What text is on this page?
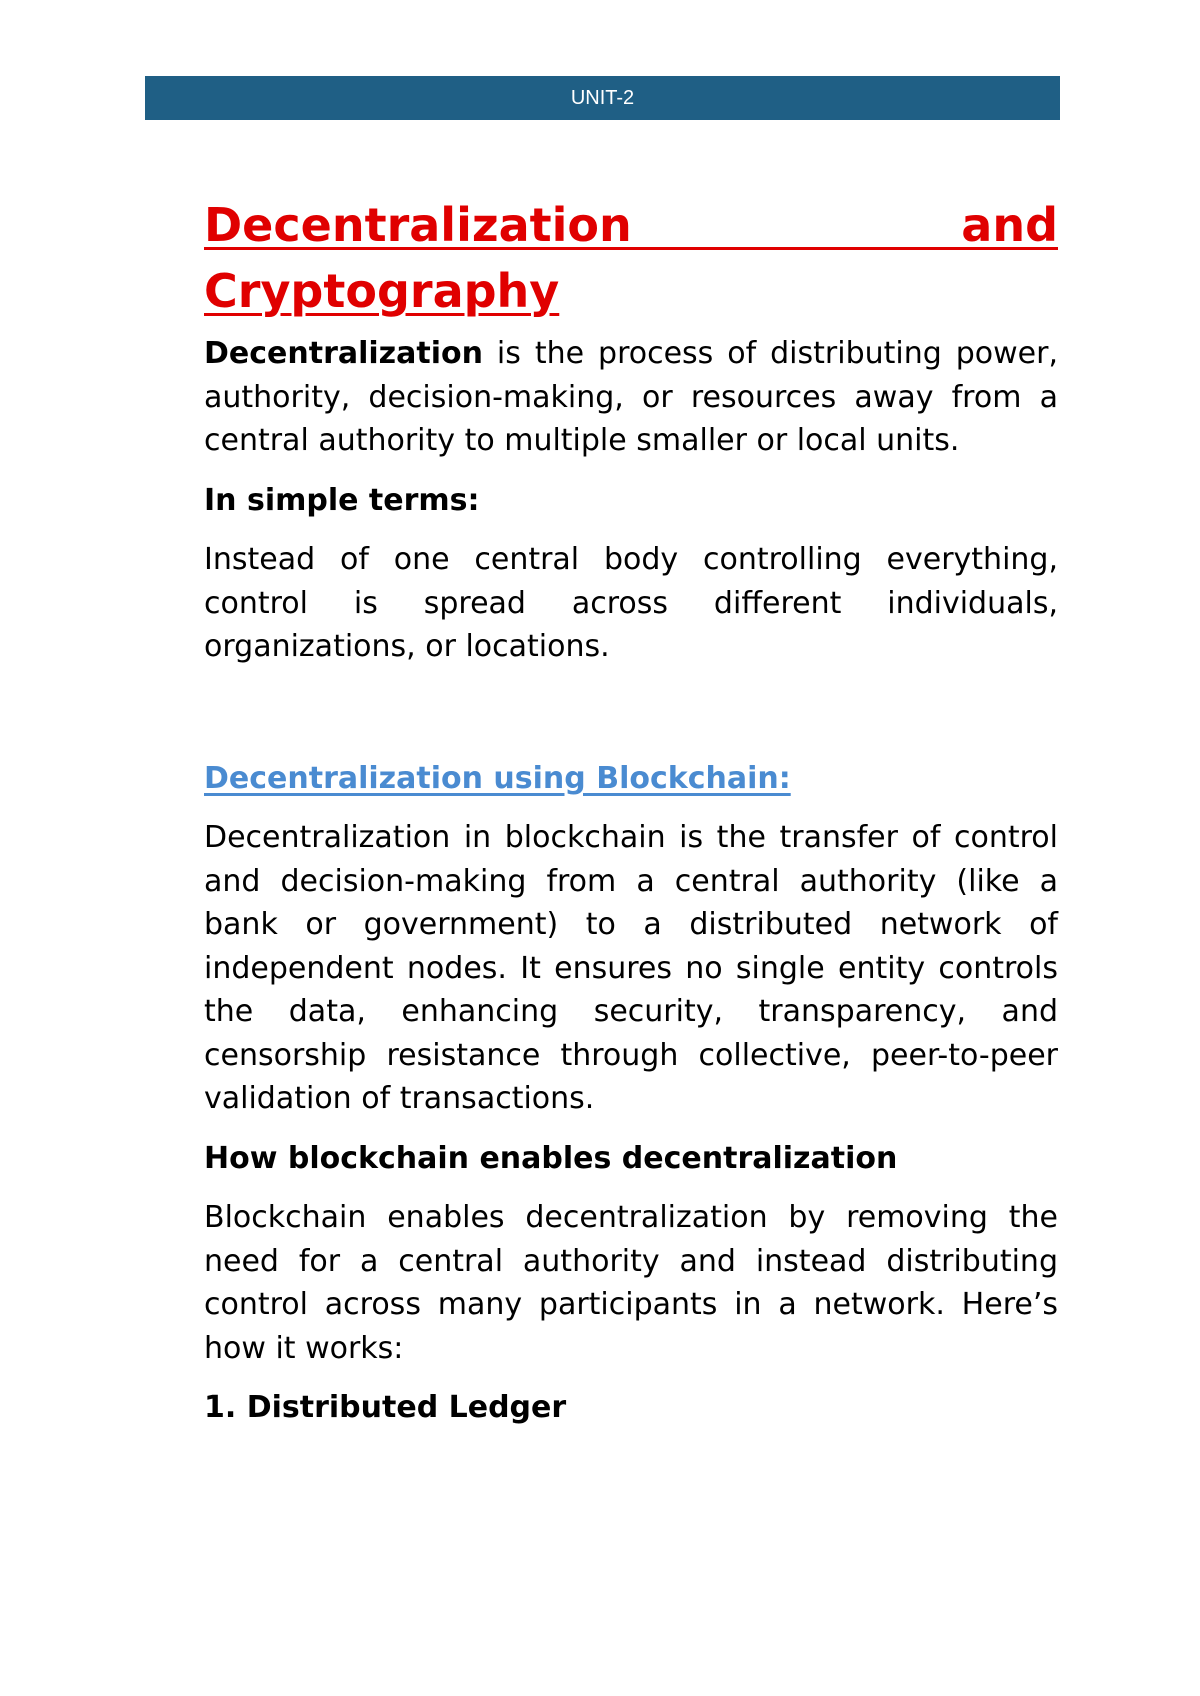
UNIT-2
Decentralization and Cryptography

Decentralization is the process of distributing power, authority, decision-making, or resources away from a central authority to multiple smaller or local units.

In simple terms:

Instead of one central body controlling everything, control is spread across different individuals, organizations, or locations.

Decentralization using Blockchain:

Decentralization in blockchain is the transfer of control and decision-making from a central authority (like a bank or government) to a distributed network of independent nodes. It ensures no single entity controls the data, enhancing security, transparency, and censorship resistance through collective, peer-to-peer validation of transactions.

How blockchain enables decentralization

Blockchain enables decentralization by removing the need for a central authority and instead distributing control across many participants in a network. Here’s how it works:

1. Distributed Ledger
